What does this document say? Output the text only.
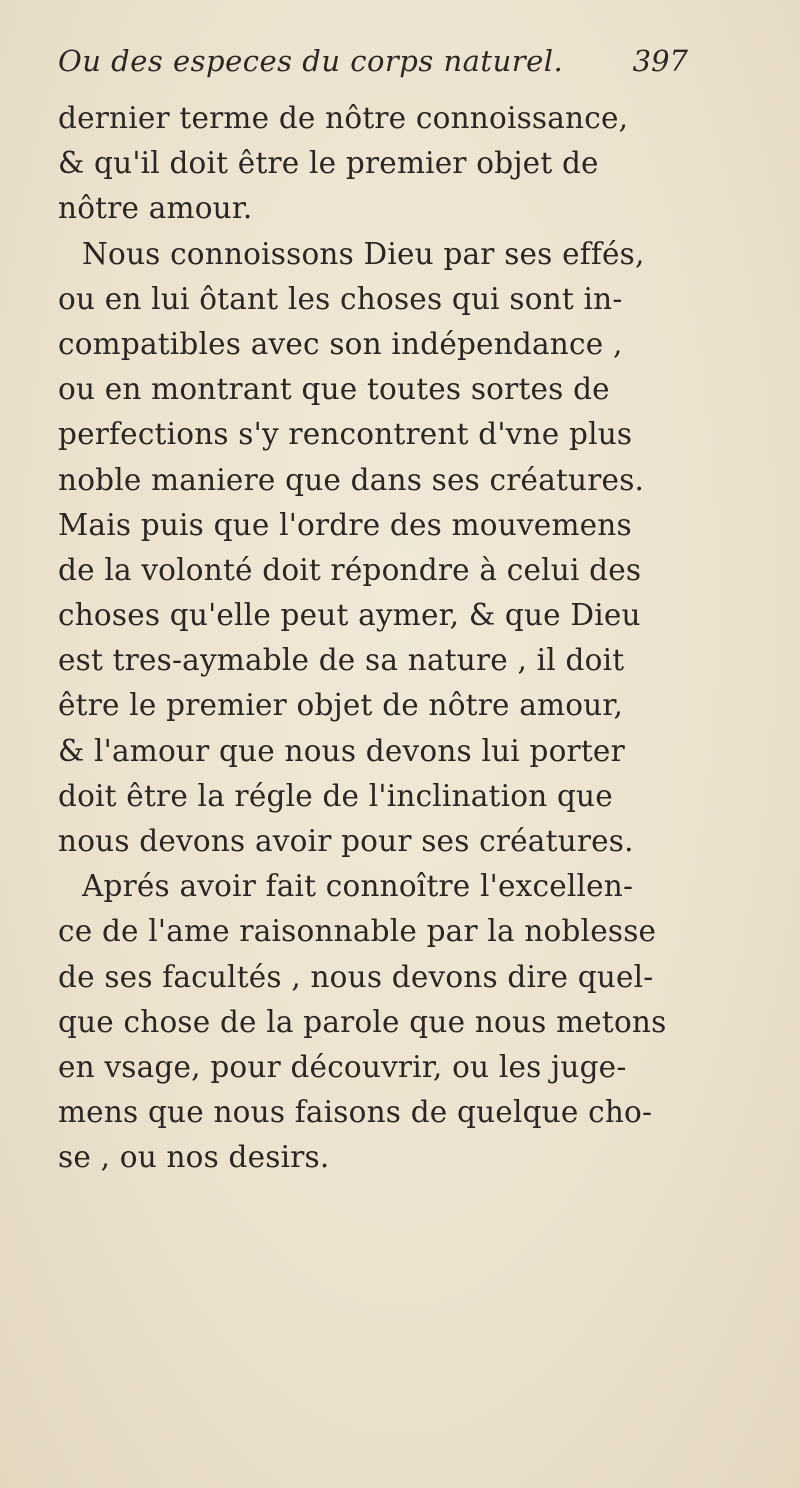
Ou des especes du corps naturel. 397
dernier terme de nôtre connoissance,
& qu'il doit être le premier objet de
nôtre amour.
Nous connoissons Dieu par ses effés,
ou en lui ôtant les choses qui sont in-
compatibles avec son indépendance ,
ou en montrant que toutes sortes de
perfections s'y rencontrent d'vne plus
noble maniere que dans ses créatures.
Mais puis que l'ordre des mouvemens
de la volonté doit répondre à celui des
choses qu'elle peut aymer, & que Dieu
est tres-aymable de sa nature , il doit
être le premier objet de nôtre amour,
& l'amour que nous devons lui porter
doit être la régle de l'inclination que
nous devons avoir pour ses créatures.
Aprés avoir fait connoître l'excellen-
ce de l'ame raisonnable par la noblesse
de ses facultés , nous devons dire quel-
que chose de la parole que nous metons
en vsage, pour découvrir, ou les juge-
mens que nous faisons de quelque cho-
se , ou nos desirs.
